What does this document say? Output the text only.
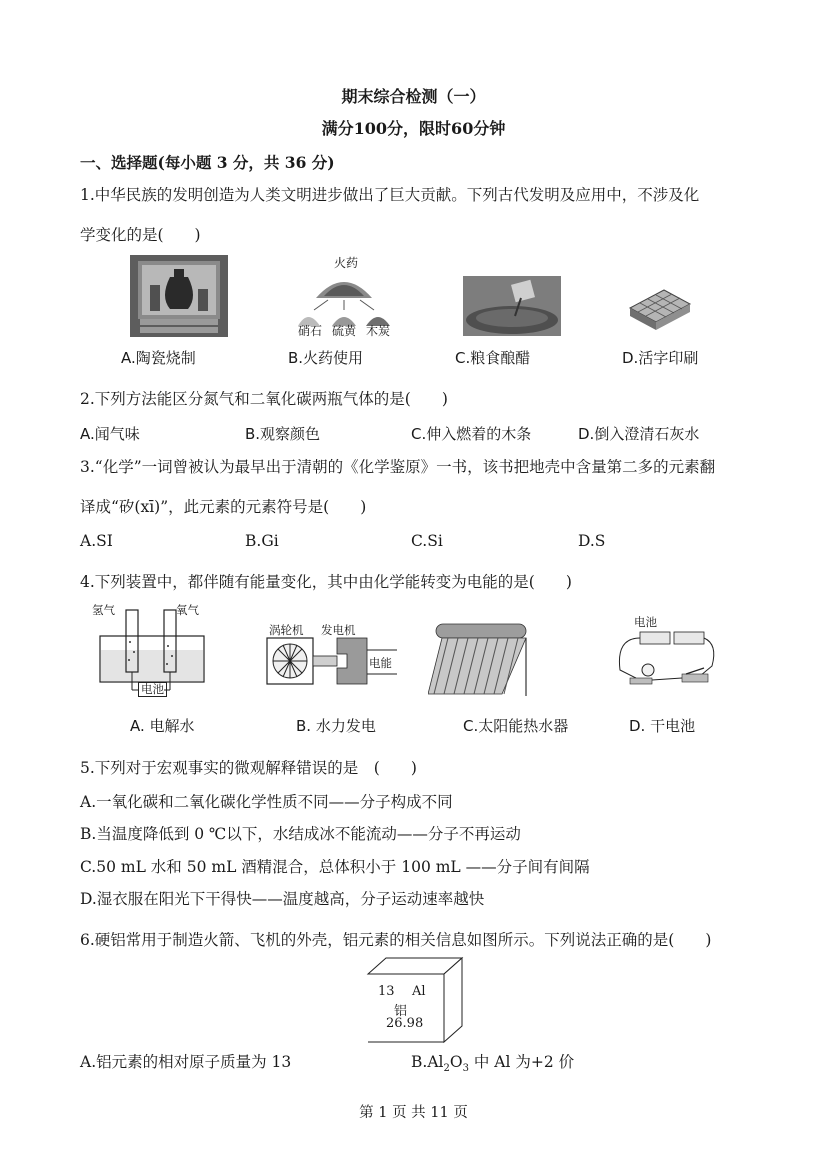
期末综合检测（一）
满分100分，限时60分钟
一、选择题(每小题 3 分，共 36 分)
1.中华民族的发明创造为人类文明进步做出了巨大贡献。下列古代发明及应用中，不涉及化
学变化的是(　　)
火药
硝石 硫黄 木炭
A.陶瓷烧制	B.火药使用	C.粮食酿醋	D.活字印刷
2.下列方法能区分氮气和二氧化碳两瓶气体的是(　　)
A.闻气味	B.观察颜色	C.伸入燃着的木条	D.倒入澄清石灰水
3.“化学”一词曾被认为最早出于清朝的《化学鉴原》一书，该书把地壳中含量第二多的元素翻
译成“矽(xī)”，此元素的元素符号是(　　)
A.SI	B.Gi	C.Si	D.S
4.下列装置中，都伴随有能量变化，其中由化学能转变为电能的是(　　)
氢气	氧气
电池
涡轮机 发电机
电能
电池
A. 电解水	B. 水力发电	C.太阳能热水器	D. 干电池
5.下列对于宏观事实的微观解释错误的是　(　　)
A.一氧化碳和二氧化碳化学性质不同——分子构成不同
B.当温度降低到 0 ℃以下，水结成冰不能流动——分子不再运动
C.50 mL 水和 50 mL 酒精混合，总体积小于 100 mL ——分子间有间隔
D.湿衣服在阳光下干得快——温度越高，分子运动速率越快
6.硬铝常用于制造火箭、飞机的外壳，铝元素的相关信息如图所示。下列说法正确的是(　　)
13 Al
铝
26.98
A.铝元素的相对原子质量为 13	$B.Al_2O_3$ 中 Al 为+2 价
第 1 页 共 11 页
